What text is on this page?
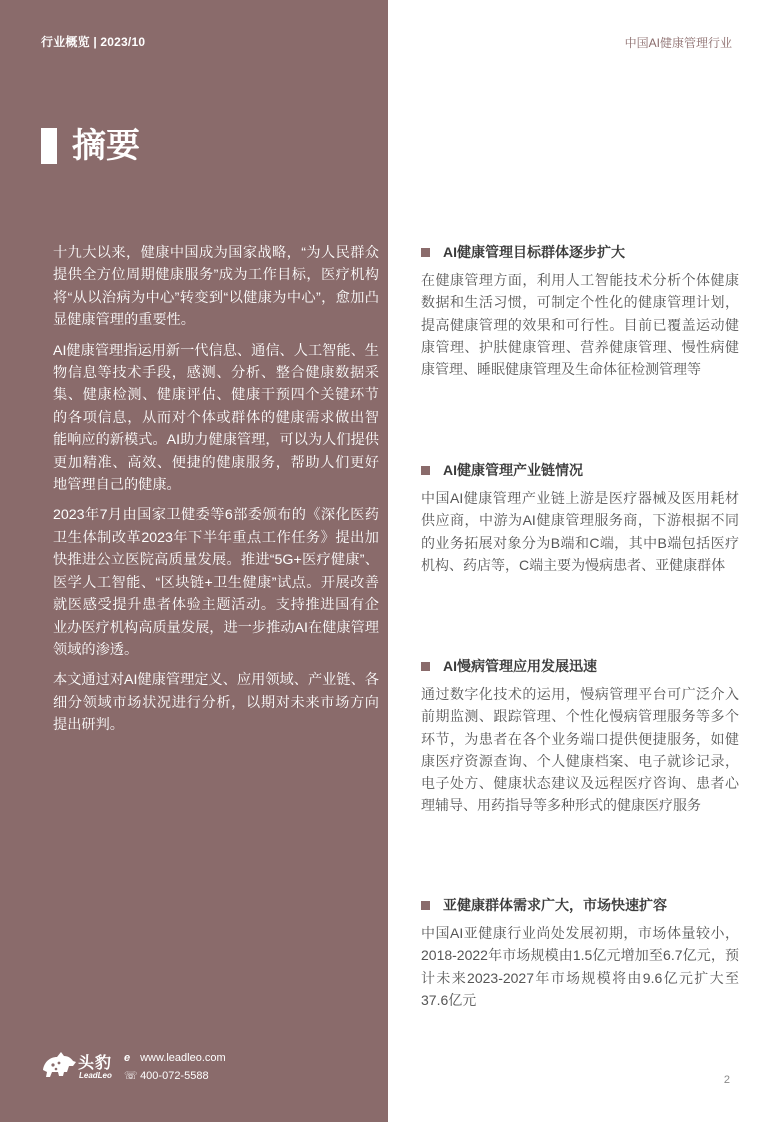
行业概览 | 2023/10	中国AI健康管理行业
摘要

十九大以来，健康中国成为国家战略，“为人民群众提供全方位周期健康服务”成为工作目标，医疗机构将“从以治病为中心”转变到“以健康为中心”，愈加凸显健康管理的重要性。

AI健康管理指运用新一代信息、通信、人工智能、生物信息等技术手段，感测、分析、整合健康数据采集、健康检测、健康评估、健康干预四个关键环节的各项信息，从而对个体或群体的健康需求做出智能响应的新模式。AI助力健康管理，可以为人们提供更加精准、高效、便捷的健康服务，帮助人们更好地管理自己的健康。

2023年7月由国家卫健委等6部委颁布的《深化医药卫生体制改革2023年下半年重点工作任务》提出加快推进公立医院高质量发展。推进“5G+医疗健康”、医学人工智能、“区块链+卫生健康”试点。开展改善就医感受提升患者体验主题活动。支持推进国有企业办医疗机构高质量发展，进一步推动AI在健康管理领域的渗透。

本文通过对AI健康管理定义、应用领域、产业链、各细分领域市场状况进行分析，以期对未来市场方向提出研判。

AI健康管理目标群体逐步扩大
在健康管理方面，利用人工智能技术分析个体健康数据和生活习惯，可制定个性化的健康管理计划，提高健康管理的效果和可行性。目前已覆盖运动健康管理、护肤健康管理、营养健康管理、慢性病健康管理、睡眠健康管理及生命体征检测管理等
AI健康管理产业链情况
中国AI健康管理产业链上游是医疗器械及医用耗材供应商，中游为AI健康管理服务商，下游根据不同的业务拓展对象分为B端和C端，其中B端包括医疗机构、药店等，C端主要为慢病患者、亚健康群体
AI慢病管理应用发展迅速
通过数字化技术的运用，慢病管理平台可广泛介入前期监测、跟踪管理、个性化慢病管理服务等多个环节，为患者在各个业务端口提供便捷服务，如健康医疗资源查询、个人健康档案、电子就诊记录，电子处方、健康状态建议及远程医疗咨询、患者心理辅导、用药指导等多种形式的健康医疗服务
亚健康群体需求广大，市场快速扩容
中国AI亚健康行业尚处发展初期，市场体量较小，2018-2022年市场规模由1.5亿元增加至6.7亿元，预计未来2023-2027年市场规模将由9.6亿元扩大至37.6亿元
头豹
LeadLeo
e www.leadleo.com
☏ 400-072-5588	2
